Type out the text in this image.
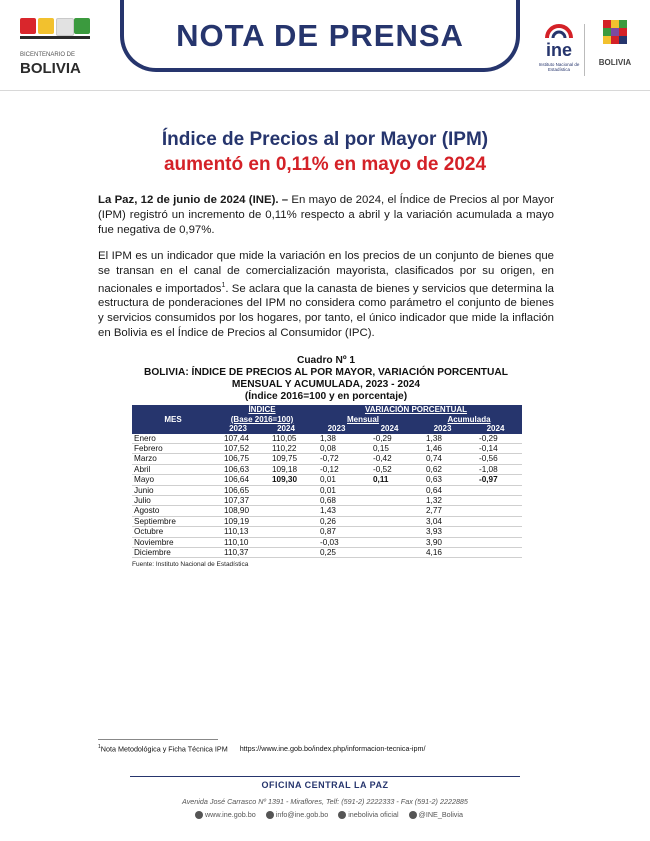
BICENTENARIO DE
BOLIVIA
NOTA DE PRENSA	ine
Instituto Nacional de Estadística
BOLIVIA
Índice de Precios al por Mayor (IPM)
aumentó en 0,11% en mayo de 2024
La Paz, 12 de junio de 2024 (INE). – En mayo de 2024, el Índice de Precios al por Mayor (IPM) registró un incremento de 0,11% respecto a abril y la variación acumulada a mayo fue negativa de 0,97%.
El IPM es un indicador que mide la variación en los precios de un conjunto de bienes que se transan en el canal de comercialización mayorista, clasificados por su origen, en nacionales e importados$^1$. Se aclara que la canasta de bienes y servicios que determina la estructura de ponderaciones del IPM no considera como parámetro el conjunto de bienes y servicios consumidos por los hogares, por tanto, el único indicador que mide la inflación en Bolivia es el Índice de Precios al Consumidor (IPC).
Cuadro Nº 1
BOLIVIA: ÍNDICE DE PRECIOS AL POR MAYOR, VARIACIÓN PORCENTUAL
MENSUAL Y ACUMULADA, 2023 - 2024
(Índice 2016=100 y en porcentaje)
MES	ÍNDICE		VARIACIÓN PORCENTUAL			
	(Base 2016=100)		Mensual		Acumulada	
	2023	2024	2023	2024	2023	2024
Enero	107,44	110,05	1,38	-0,29	1,38	-0,29
Febrero	107,52	110,22	0,08	0,15	1,46	-0,14
Marzo	106,75	109,75	-0,72	-0,42	0,74	-0,56
Abril	106,63	109,18	-0,12	-0,52	0,62	-1,08
Mayo	106,64	109,30	0,01	0,11	0,63	-0,97
Junio	106,65		0,01		0,64	
Julio	107,37		0,68		1,32	
Agosto	108,90		1,43		2,77	
Septiembre	109,19		0,26		3,04	
Octubre	110,13		0,87		3,93	
Noviembre	110,10		-0,03		3,90	
Diciembre	110,37		0,25		4,16	
Fuente: Instituto Nacional de Estadística
$^1$Nota Metodológica y Ficha Técnica IPM https://www.ine.gob.bo/index.php/informacion-tecnica-ipm/
OFICINA CENTRAL LA PAZ
Avenida José Carrasco Nº 1391 - Miraflores, Telf: (591-2) 2222333 - Fax (591-2) 2222885
www.ine.gob.bo	info@ine.gob.bo	inebolivia oficial	@INE_Bolivia
